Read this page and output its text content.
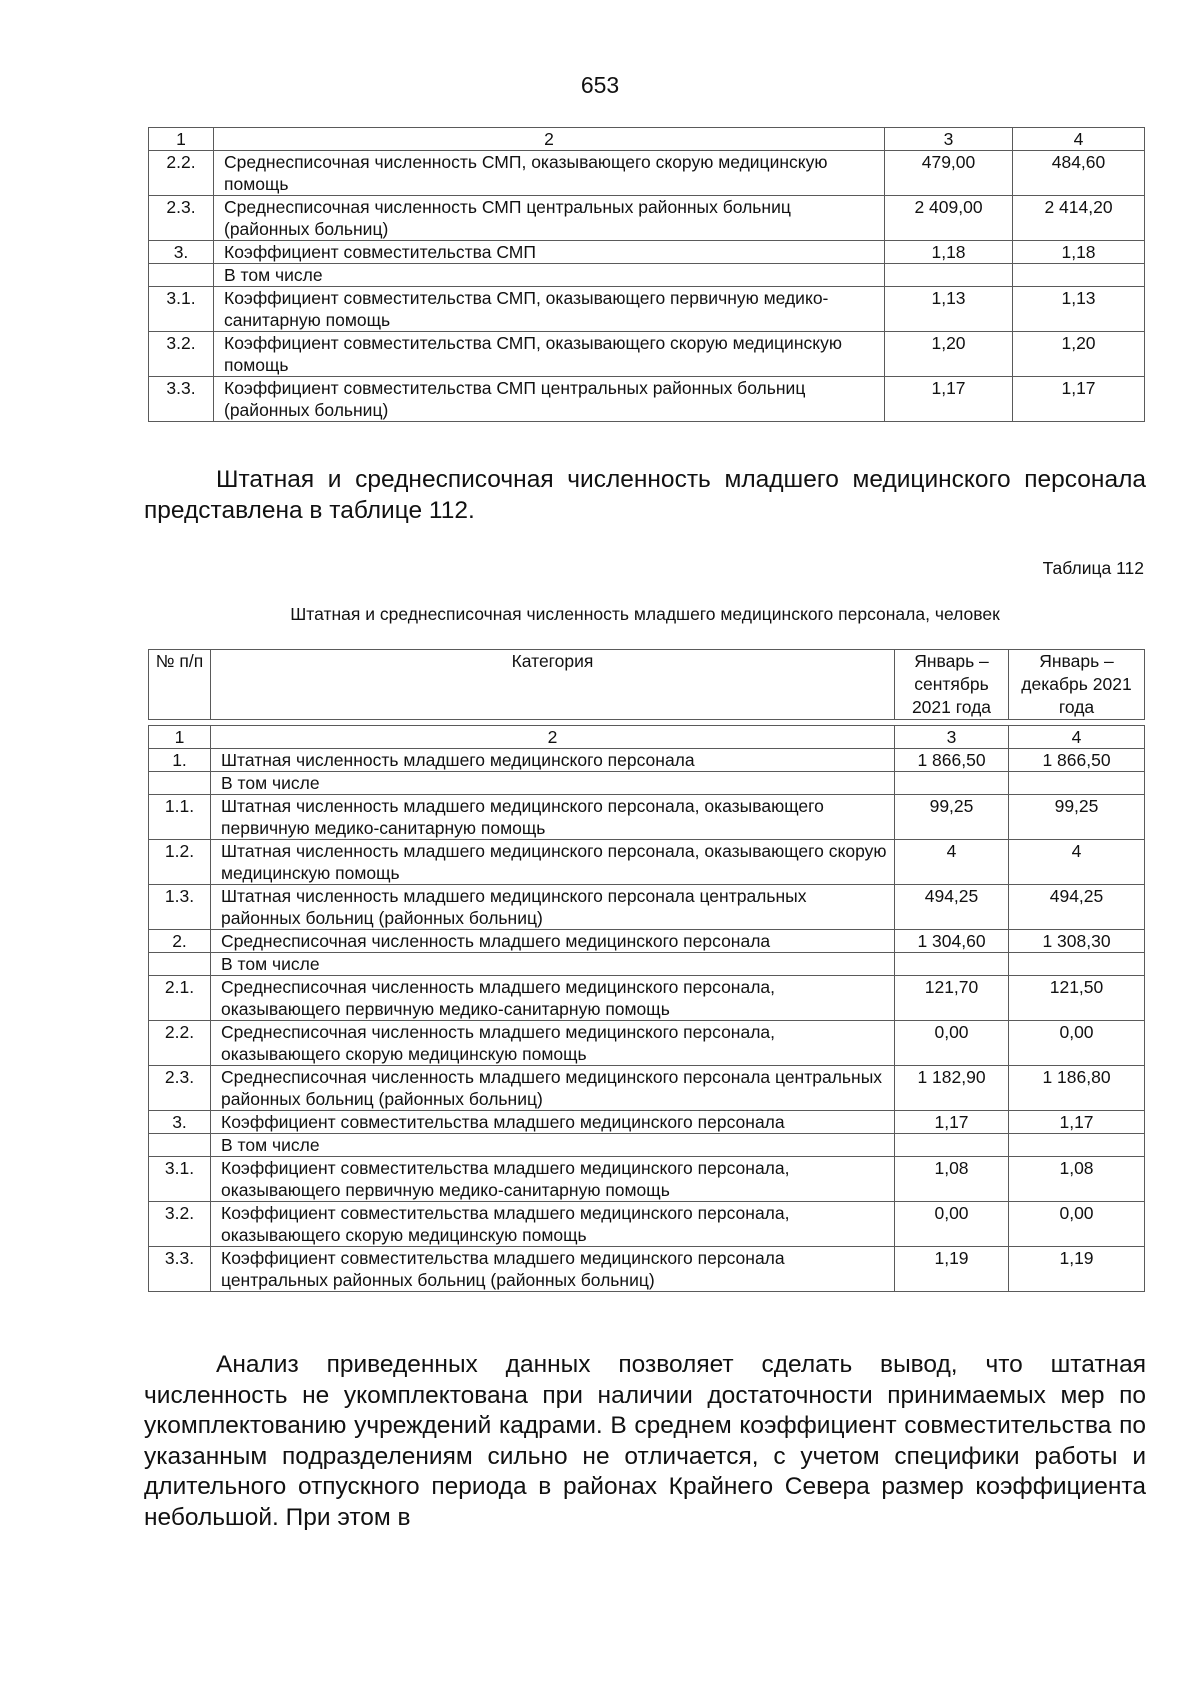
653
1	2	3	4
2.2.	Среднесписочная численность СМП, оказывающего скорую медицинскую помощь	479,00	484,60
2.3.	Среднесписочная численность СМП центральных районных больниц (районных больниц)	2 409,00	2 414,20
3.	Коэффициент совместительства СМП	1,18	1,18
	В том числе		
3.1.	Коэффициент совместительства СМП, оказывающего первичную медико-санитарную помощь	1,13	1,13
3.2.	Коэффициент совместительства СМП, оказывающего скорую медицинскую помощь	1,20	1,20
3.3.	Коэффициент совместительства СМП центральных районных больниц (районных больниц)	1,17	1,17

Штатная и среднесписочная численность младшего медицинского персонала представлена в таблице 112.

Таблица 112
Штатная и среднесписочная численность младшего медицинского персонала, человек
№ п/п	Категория	Январь – сентябрь 2021 года	Январь – декабрь 2021 года

1	2	3	4
1.	Штатная численность младшего медицинского персонала	1 866,50	1 866,50
	В том числе		
1.1.	Штатная численность младшего медицинского персонала, оказывающего первичную медико-санитарную помощь	99,25	99,25
1.2.	Штатная численность младшего медицинского персонала, оказывающего скорую медицинскую помощь	4	4
1.3.	Штатная численность младшего медицинского персонала центральных районных больниц (районных больниц)	494,25	494,25
2.	Среднесписочная численность младшего медицинского персонала	1 304,60	1 308,30
	В том числе		
2.1.	Среднесписочная численность младшего медицинского персонала, оказывающего первичную медико-санитарную помощь	121,70	121,50
2.2.	Среднесписочная численность младшего медицинского персонала, оказывающего скорую медицинскую помощь	0,00	0,00
2.3.	Среднесписочная численность младшего медицинского персонала центральных районных больниц (районных больниц)	1 182,90	1 186,80
3.	Коэффициент совместительства младшего медицинского персонала	1,17	1,17
	В том числе		
3.1.	Коэффициент совместительства младшего медицинского персонала, оказывающего первичную медико-санитарную помощь	1,08	1,08
3.2.	Коэффициент совместительства младшего медицинского персонала, оказывающего скорую медицинскую помощь	0,00	0,00
3.3.	Коэффициент совместительства младшего медицинского персонала центральных районных больниц (районных больниц)	1,19	1,19

Анализ приведенных данных позволяет сделать вывод, что штатная численность не укомплектована при наличии достаточности принимаемых мер по укомплектованию учреждений кадрами. В среднем коэффициент совместительства по указанным подразделениям сильно не отличается, с учетом специфики работы и длительного отпускного периода в районах Крайнего Севера размер коэффициента небольшой. При этом в
